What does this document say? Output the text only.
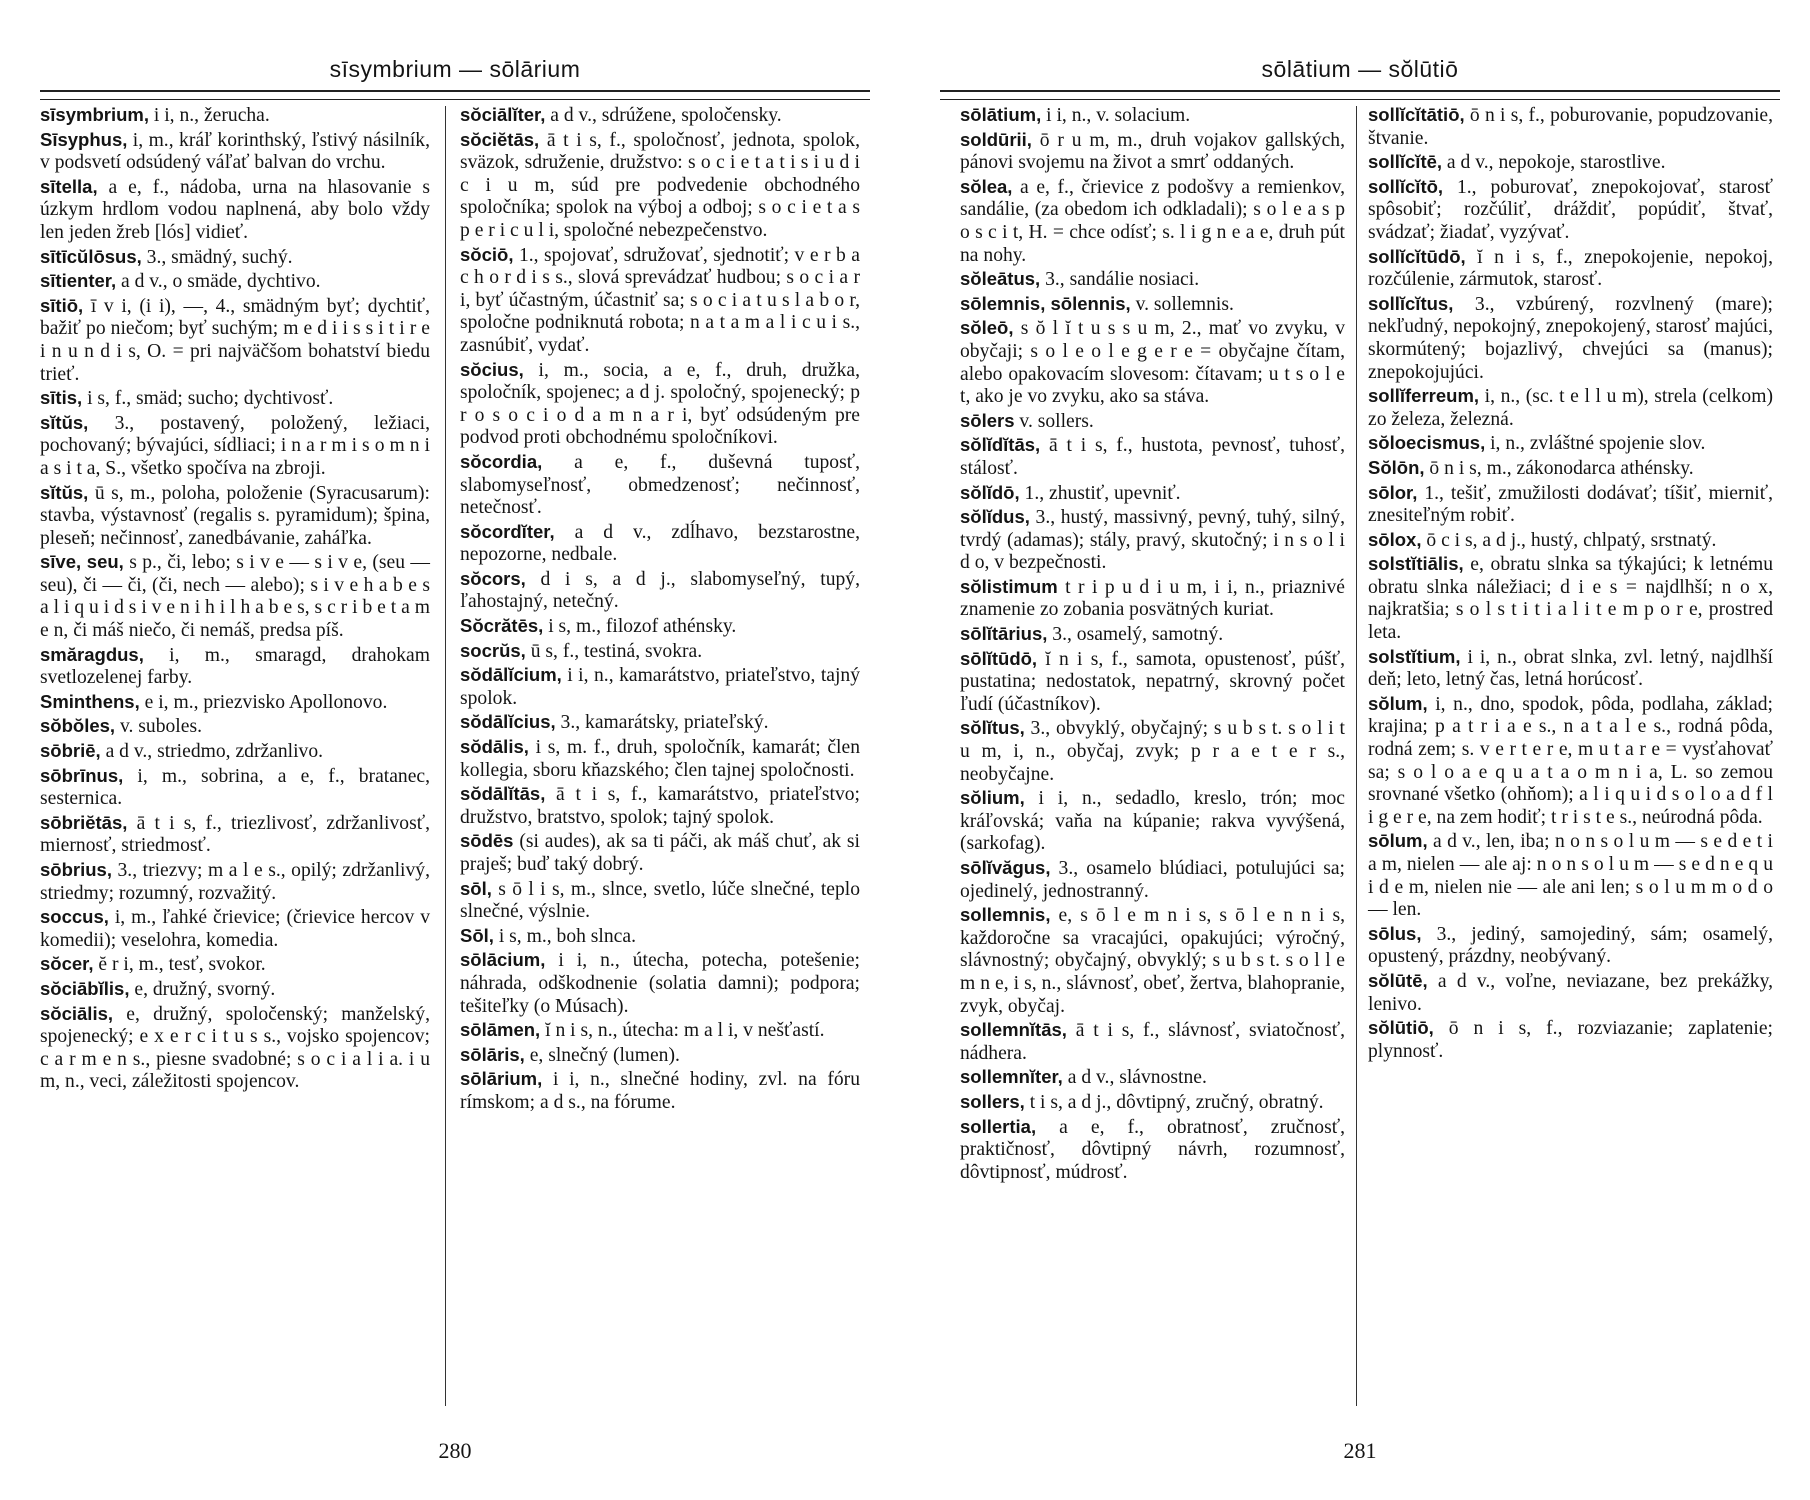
sīsymbrium — sōlārium
sīsymbrium, i i, n., žerucha.
Sīsyphus, i, m., kráľ korinthský, ľstivý násilník, v podsvetí odsúdený váľať balvan do vrchu.
sītella, a e, f., nádoba, urna na hlasovanie s úzkym hrdlom vodou naplnená, aby bolo vždy len jeden žreb [lós] vidieť.
sītīcŭlōsus, 3., smädný, suchý.
sītienter, a d v., o smäde, dychtivo.
sītiō, ī v i, (i i), —, 4., smädným byť; dychtiť, bažiť po niečom; byť suchým; m e d i i s s i t i r e i n u n d i s, O. = pri najväčšom bohatství biedu trieť.
sītis, i s, f., smäd; sucho; dychtivosť.
sĭtŭs, 3., postavený, položený, ležiaci, pochovaný; bývajúci, sídliaci; i n a r m i s o m n i a s i t a, S., všetko spočíva na zbroji.
sĭtŭs, ū s, m., poloha, položenie (Syracusarum): stavba, výstavnosť (regalis s. pyramidum); špina, pleseň; nečinnosť, zanedbávanie, zaháľka.
sīve, seu, s p., či, lebo; s i v e — s i v e, (seu — seu), či — či, (či, nech — alebo); s i v e h a b e s a l i q u i d s i v e n i h i l h a b e s, s c r i b e t a m e n, či máš niečo, či nemáš, predsa píš.
smăragdus, i, m., smaragd, drahokam svetlozelenej farby.
Sminthens, e i, m., priezvisko Apollonovo.
sŏbŏles, v. suboles.
sōbriē, a d v., striedmo, zdržanlivo.
sōbrīnus, i, m., sobrina, a e, f., bratanec, sesternica.
sōbriĕtās, ā t i s, f., triezlivosť, zdržanlivosť, miernosť, striedmosť.
sōbrius, 3., triezvy; m a l e s., opilý; zdržanlivý, striedmy; rozumný, rozvažitý.
soccus, i, m., ľahké črievice; (črievice hercov v komedii); veselohra, komedia.
sŏcer, ĕ r i, m., tesť, svokor.
sŏciābĭlis, e, družný, svorný.
sŏciālis, e, družný, spoločenský; manželský, spojenecký; e x e r c i t u s s., vojsko spojencov; c a r m e n s., piesne svadobné; s o c i a l i a. i u m, n., veci, záležitosti spojencov.
sŏciālĭter, a d v., sdrúžene, spoločensky.
sŏciĕtās, ā t i s, f., spoločnosť, jednota, spolok, sväzok, sdruženie, družstvo: s o c i e t a t i s i u d i c i u m, súd pre podvedenie obchodného spoločníka; spolok na výboj a odboj; s o c i e t a s p e r i c u l i, spoločné nebezpečenstvo.
sŏciō, 1., spojovať, sdružovať, sjednotiť; v e r b a c h o r d i s s., slová sprevádzať hudbou; s o c i a r i, byť účastným, účastniť sa; s o c i a t u s l a b o r, spoločne podniknutá robota; n a t a m a l i c u i s., zasnúbiť, vydať.
sŏcius, i, m., socia, a e, f., druh, družka, spoločník, spojenec; a d j. spoločný, spojenecký; p r o s o c i o d a m n a r i, byť odsúdeným pre podvod proti obchodnému spoločníkovi.
sŏcordia, a e, f., duševná tuposť, slabomyseľnosť, obmedzenosť; nečinnosť, netečnosť.
sŏcordĭter, a d v., zdĺhavo, bezstarostne, nepozorne, nedbale.
sŏcors, d i s, a d j., slabomyseľný, tupý, ľahostajný, netečný.
Sŏcrătēs, i s, m., filozof athénsky.
socrŭs, ū s, f., testiná, svokra.
sŏdālĭcium, i i, n., kamarátstvo, priateľstvo, tajný spolok.
sŏdālĭcius, 3., kamarátsky, priateľský.
sŏdālis, i s, m. f., druh, spoločník, kamarát; člen kollegia, sboru kňazského; člen tajnej spoločnosti.
sŏdālĭtās, ā t i s, f., kamarátstvo, priateľstvo; družstvo, bratstvo, spolok; tajný spolok.
sōdēs (si audes), ak sa ti páči, ak máš chuť, ak si praješ; buď taký dobrý.
sōl, s ō l i s, m., slnce, svetlo, lúče slnečné, teplo slnečné, výslnie.
Sōl, i s, m., boh slnca.
sōlācium, i i, n., útecha, potecha, potešenie; náhrada, odškodnenie (solatia damni); podpora; tešiteľky (o Músach).
sōlāmen, ĭ n i s, n., útecha: m a l i, v nešťastí.
sōlāris, e, slnečný (lumen).
sōlārium, i i, n., slnečné hodiny, zvl. na fóru rímskom; a d s., na fórume.
280
sōlātium — sŏlūtiō
sōlātium, i i, n., v. solacium.
soldūrii, ō r u m, m., druh vojakov gallských, pánovi svojemu na život a smrť oddaných.
sŏlea, a e, f., črievice z podošvy a remienkov, sandálie, (za obedom ich odkladali); s o l e a s p o s c i t, H. = chce odísť; s. l i g n e a e, druh pút na nohy.
sŏleātus, 3., sandálie nosiaci.
sōlemnis, sōlennis, v. sollemnis.
sŏleō, s ŏ l ĭ t u s s u m, 2., mať vo zvyku, v obyčaji; s o l e o l e g e r e = obyčajne čítam, alebo opakovacím slovesom: čítavam; u t s o l e t, ako je vo zvyku, ako sa stáva.
sōlers v. sollers.
sŏlĭdĭtās, ā t i s, f., hustota, pevnosť, tuhosť, stálosť.
sŏlĭdō, 1., zhustiť, upevniť.
sŏlĭdus, 3., hustý, massivný, pevný, tuhý, silný, tvrdý (adamas); stály, pravý, skutočný; i n s o l i d o, v bezpečnosti.
sŏlistimum t r i p u d i u m, i i, n., priaznivé znamenie zo zobania posvätných kuriat.
sōlĭtārius, 3., osamelý, samotný.
sōlĭtūdō, ĭ n i s, f., samota, opustenosť, púšť, pustatina; nedostatok, nepatrný, skrovný počet ľudí (účastníkov).
sŏlĭtus, 3., obvyklý, obyčajný; s u b s t. s o l i t u m, i, n., obyčaj, zvyk; p r a e t e r s., neobyčajne.
sŏlium, i i, n., sedadlo, kreslo, trón; moc kráľovská; vaňa na kúpanie; rakva vyvýšená, (sarkofag).
sōlĭvăgus, 3., osamelo blúdiaci, potulujúci sa; ojedinelý, jednostranný.
sollemnis, e, s ō l e m n i s, s ō l e n n i s, každoročne sa vracajúci, opakujúci; výročný, slávnostný; obyčajný, obvyklý; s u b s t. s o l l e m n e, i s, n., slávnosť, obeť, žertva, blahopranie, zvyk, obyčaj.
sollemnĭtās, ā t i s, f., slávnosť, sviatočnosť, nádhera.
sollemnĭter, a d v., slávnostne.
sollers, t i s, a d j., dôvtipný, zručný, obratný.
sollertia, a e, f., obratnosť, zručnosť, praktičnosť, dôvtipný návrh, rozumnosť, dôvtipnosť, múdrosť.
sollĭcĭtātiō, ō n i s, f., poburovanie, popudzovanie, štvanie.
sollĭcĭtē, a d v., nepokoje, starostlive.
sollĭcĭtō, 1., poburovať, znepokojovať, starosť spôsobiť; rozčúliť, dráždiť, popúdiť, štvať, svádzať; žiadať, vyzývať.
sollĭcĭtūdō, ĭ n i s, f., znepokojenie, nepokoj, rozčúlenie, zármutok, starosť.
sollĭcĭtus, 3., vzbúrený, rozvlnený (mare); nekľudný, nepokojný, znepokojený, starosť majúci, skormútený; bojazlivý, chvejúci sa (manus); znepokojujúci.
sollĭferreum, i, n., (sc. t e l l u m), strela (celkom) zo železa, železná.
sŏloecismus, i, n., zvláštné spojenie slov.
Sŏlōn, ō n i s, m., zákonodarca athénsky.
sōlor, 1., tešiť, zmužilosti dodávať; tíšiť, mierniť, znesiteľným robiť.
sōlox, ō c i s, a d j., hustý, chlpatý, srstnatý.
solstĭtiālis, e, obratu slnka sa týkajúci; k letnému obratu slnka náležiaci; d i e s = najdlhší; n o x, najkratšia; s o l s t i t i a l i t e m p o r e, prostred leta.
solstĭtium, i i, n., obrat slnka, zvl. letný, najdlhší deň; leto, letný čas, letná horúcosť.
sŏlum, i, n., dno, spodok, pôda, podlaha, základ; krajina; p a t r i a e s., n a t a l e s., rodná pôda, rodná zem; s. v e r t e r e, m u t a r e = vysťahovať sa; s o l o a e q u a t a o m n i a, L. so zemou srovnané všetko (ohňom); a l i q u i d s o l o a d f l i g e r e, na zem hodiť; t r i s t e s., neúrodná pôda.
sōlum, a d v., len, iba; n o n s o l u m — s e d e t i a m, nielen — ale aj: n o n s o l u m — s e d n e q u i d e m, nielen nie — ale ani len; s o l u m m o d o — len.
sōlus, 3., jediný, samojediný, sám; osamelý, opustený, prázdny, neobývaný.
sŏlūtē, a d v., voľne, neviazane, bez prekážky, lenivo.
sŏlūtiō, ō n i s, f., rozviazanie; zaplatenie; plynnosť.
281
